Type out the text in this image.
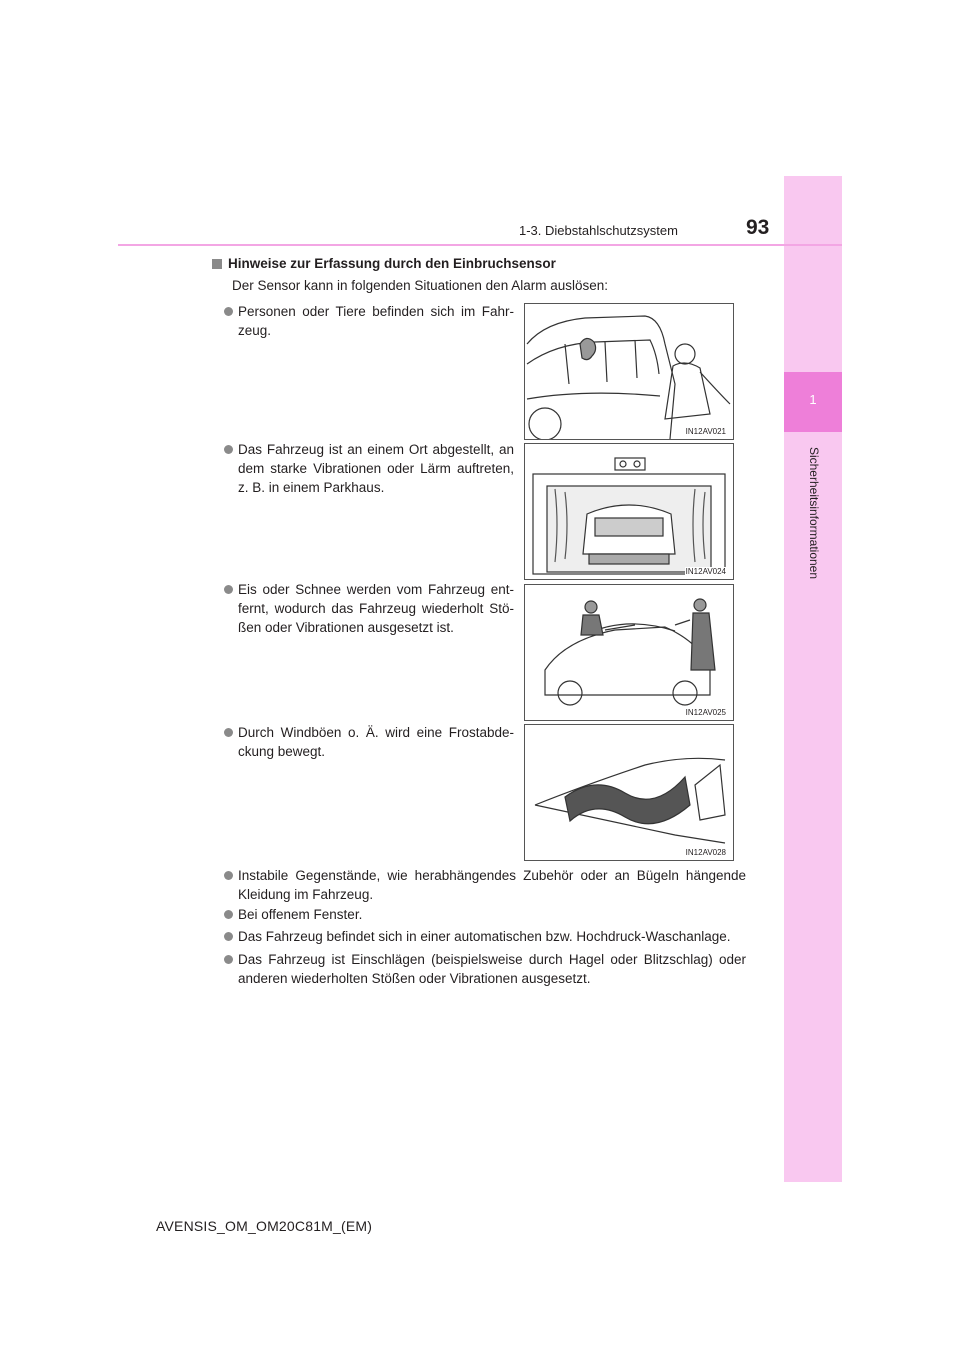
1
Sicherheitsinformationen
1-3. Diebstahlschutzsystem	93
Hinweise zur Erfassung durch den Einbruchsensor
Der Sensor kann in folgenden Situationen den Alarm auslösen:
Personen oder Tiere befinden sich im Fahr-zeug.
Das Fahrzeug ist an einem Ort abgestellt, an dem starke Vibrationen oder Lärm auftreten, z. B. in einem Parkhaus.
Eis oder Schnee werden vom Fahrzeug ent-fernt, wodurch das Fahrzeug wiederholt Stö-ßen oder Vibrationen ausgesetzt ist.
Durch Windböen o. Ä. wird eine Frostabde-ckung bewegt.
IN12AV021
IN12AV024
IN12AV025
IN12AV028
Instabile Gegenstände, wie herabhängendes Zubehör oder an Bügeln hängende Kleidung im Fahrzeug.
Bei offenem Fenster.
Das Fahrzeug befindet sich in einer automatischen bzw. Hochdruck-Waschanlage.
Das Fahrzeug ist Einschlägen (beispielsweise durch Hagel oder Blitzschlag) oder anderen wiederholten Stößen oder Vibrationen ausgesetzt.
AVENSIS_OM_OM20C81M_(EM)
